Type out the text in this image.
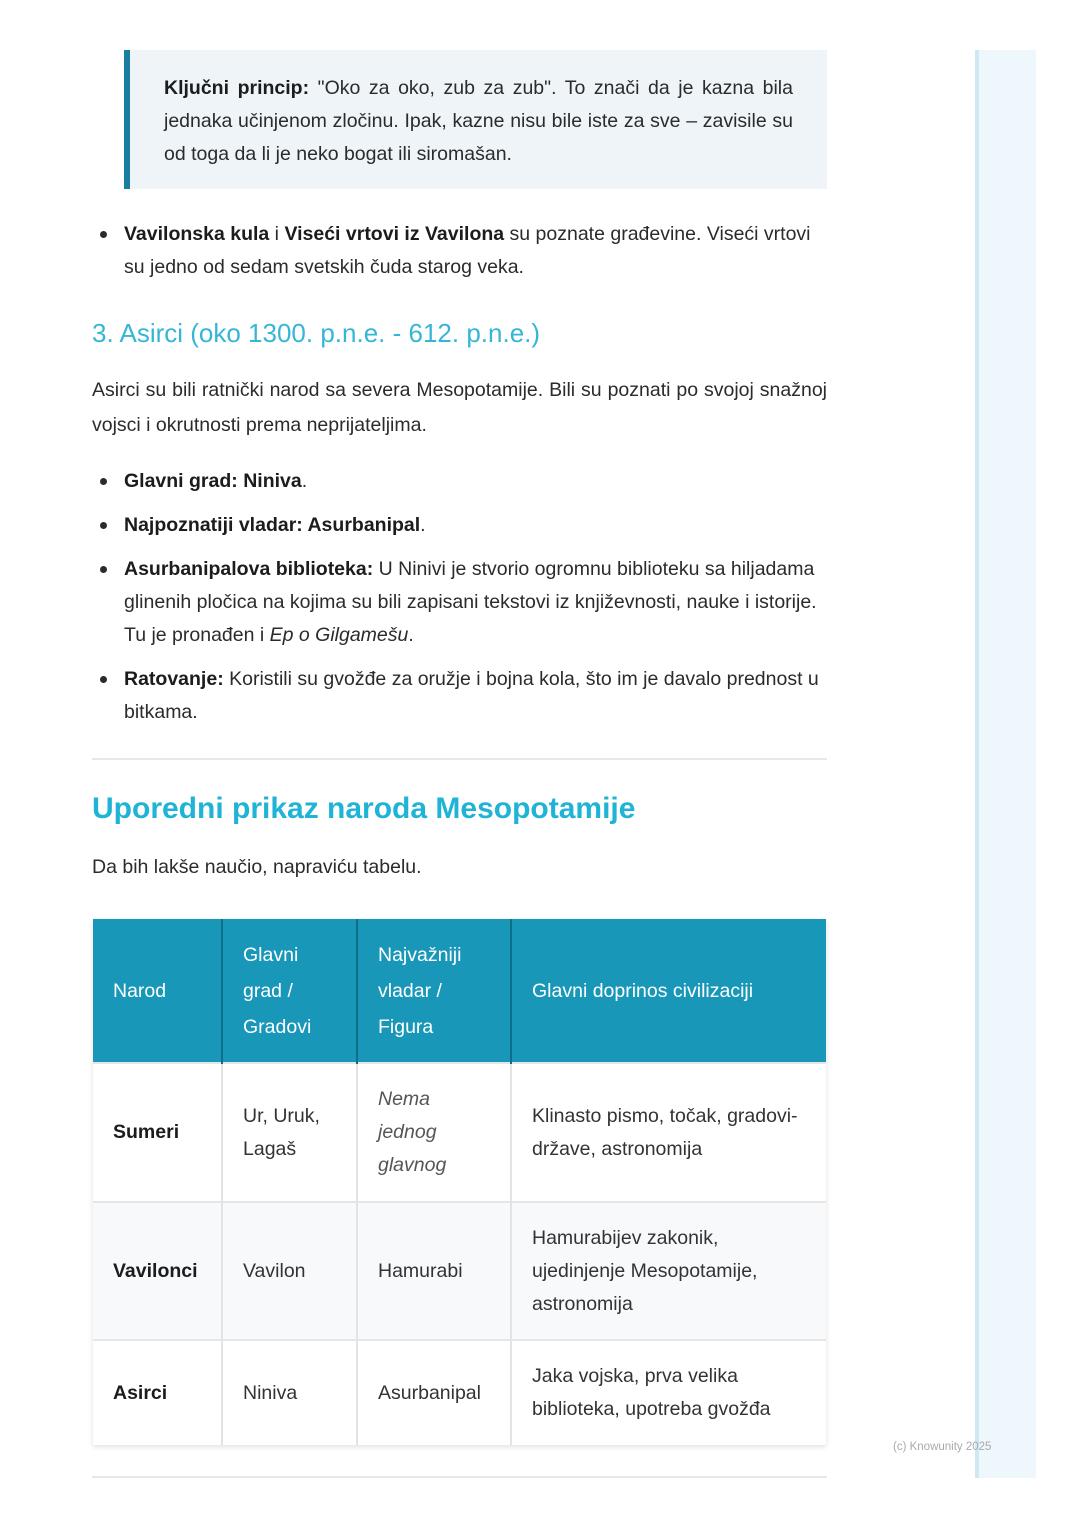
Ključni princip: "Oko za oko, zub za zub". To znači da je kazna bila jednaka učinjenom zločinu. Ipak, kazne nisu bile iste za sve – zavisile su od toga da li je neko bogat ili siromašan.
Vavilonska kula i Viseći vrtovi iz Vavilona su poznate građevine. Viseći vrtovi su jedno od sedam svetskih čuda starog veka.
3. Asirci (oko 1300. p.n.e. - 612. p.n.e.)

Asirci su bili ratnički narod sa severa Mesopotamije. Bili su poznati po svojoj snažnoj vojsci i okrutnosti prema neprijateljima.

Glavni grad: Niniva.
Najpoznatiji vladar: Asurbanipal.
Asurbanipalova biblioteka: U Ninivi je stvorio ogromnu biblioteku sa hiljadama glinenih pločica na kojima su bili zapisani tekstovi iz književnosti, nauke i istorije. Tu je pronađen i Ep o Gilgamešu.
Ratovanje: Koristili su gvožđe za oružje i bojna kola, što im je davalo prednost u bitkama.
Uporedni prikaz naroda Mesopotamije

Da bih lakše naučio, napraviću tabelu.

Narod	Glavni grad / Gradovi	Najvažniji vladar / Figura	Glavni doprinos civilizaciji
Sumeri	Ur, Uruk, Lagaš	Nema jednog glavnog	Klinasto pismo, točak, gradovi-države, astronomija
Vavilonci	Vavilon	Hamurabi	Hamurabijev zakonik, ujedinjenje Mesopotamije, astronomija
Asirci	Niniva	Asurbanipal	Jaka vojska, prva velika biblioteka, upotreba gvožđa
(c) Knowunity 2025
